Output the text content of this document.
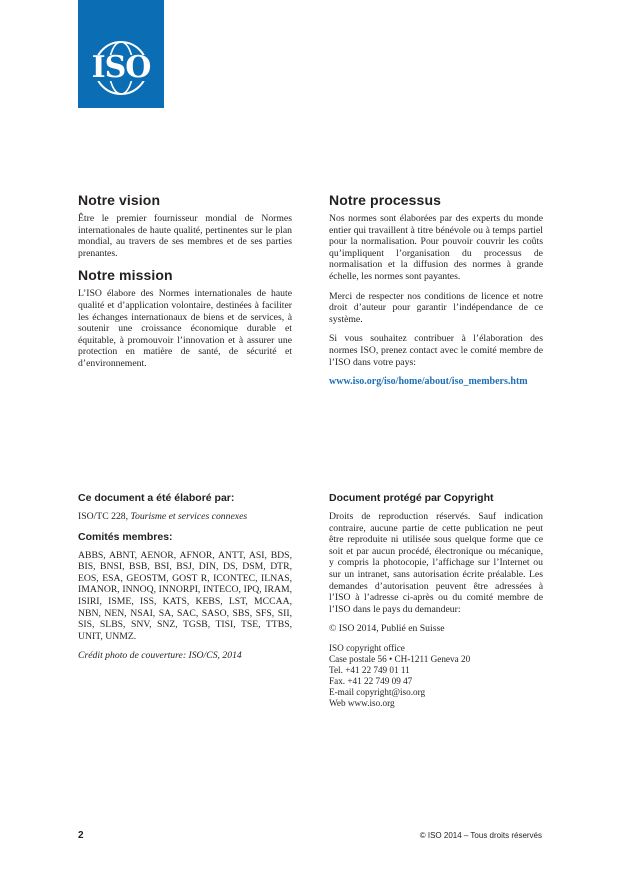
ISO
Notre vision

Être le premier fournisseur mondial de Normes internationales de haute qualité, pertinentes sur le plan mondial, au travers de ses membres et de ses parties prenantes.

Notre mission

L’ISO élabore des Normes internationales de haute qualité et d’application volontaire, destinées à faciliter les échanges internationaux de biens et de services, à soutenir une croissance économique durable et équitable, à promouvoir l’innovation et à assurer une protection en matière de santé, de sécurité et d’environnement.

Notre processus

Nos normes sont élaborées par des experts du monde entier qui travaillent à titre bénévole ou à temps partiel pour la normalisation. Pour pouvoir couvrir les coûts qu’impliquent l’organisation du processus de normalisation et la diffusion des normes à grande échelle, les normes sont payantes.

Merci de respecter nos conditions de licence et notre droit d’auteur pour garantir l’indépendance de ce système.

Si vous souhaitez contribuer à l’élaboration des normes ISO, prenez contact avec le comité membre de l’ISO dans votre pays:

www.iso.org/iso/home/about/iso_members.htm

Ce document a été élaboré par:

ISO/TC 228, Tourisme et services connexes

Comités membres:

ABBS, ABNT, AENOR, AFNOR, ANTT, ASI, BDS, BIS, BNSI, BSB, BSI, BSJ, DIN, DS, DSM, DTR, EOS, ESA, GEOSTM, GOST R, ICONTEC, ILNAS, IMANOR, INNOQ, INNORPI, INTECO, IPQ, IRAM, ISIRI, ISME, ISS, KATS, KEBS, LST, MCCAA, NBN, NEN, NSAI, SA, SAC, SASO, SBS, SFS, SII, SIS, SLBS, SNV, SNZ, TGSB, TISI, TSE, TTBS, UNIT, UNMZ.

Crédit photo de couverture: ISO/CS, 2014

Document protégé par Copyright

Droits de reproduction réservés. Sauf indication contraire, aucune partie de cette publication ne peut être reproduite ni utilisée sous quelque forme que ce soit et par aucun procédé, électronique ou mécanique, y compris la photocopie, l’affichage sur l’Internet ou sur un intranet, sans autorisation écrite préalable. Les demandes d’autorisation peuvent être adressées à l’ISO à l’adresse ci-après ou du comité membre de l’ISO dans le pays du demandeur:

© ISO 2014, Publié en Suisse

ISO copyright office

Case postale 56 • CH-1211 Geneva 20

Tel. +41 22 749 01 11

Fax. +41 22 749 09 47

E-mail copyright@iso.org

Web www.iso.org

2	© ISO 2014 – Tous droits réservés
